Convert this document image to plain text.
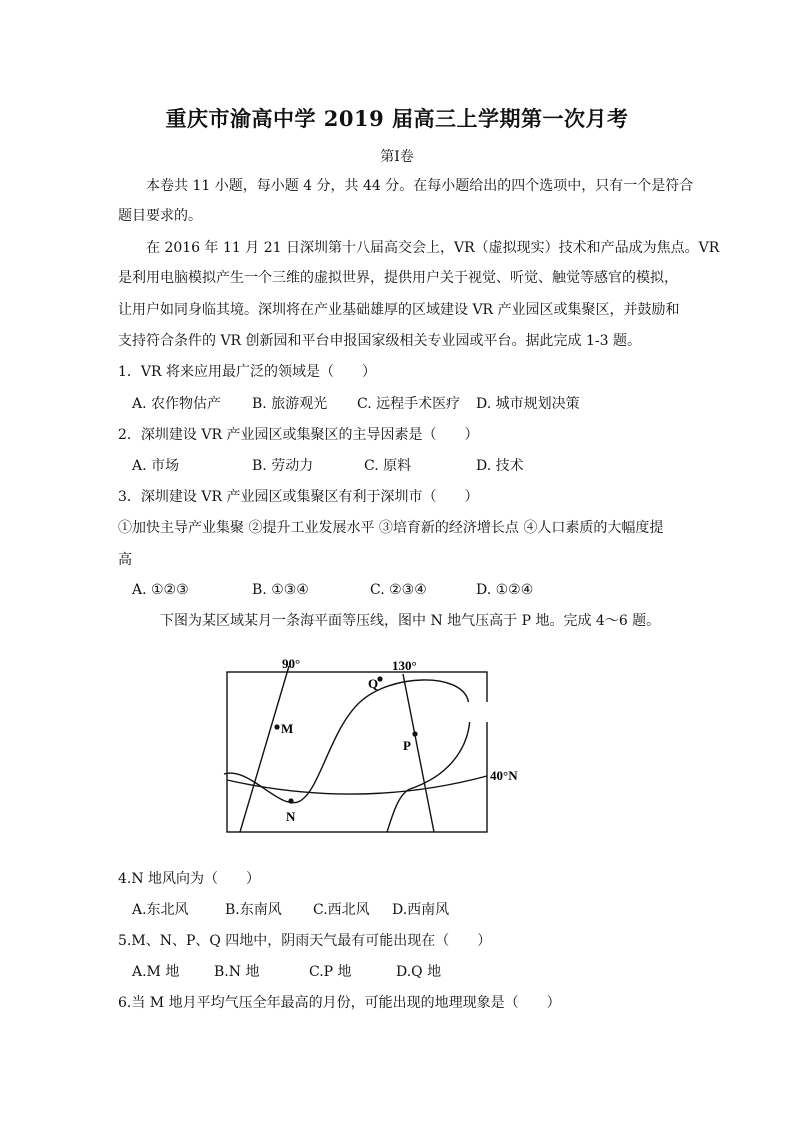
重庆市渝高中学 2019 届高三上学期第一次月考
第Ⅰ卷
本卷共 11 小题，每小题 4 分，共 44 分。在每小题给出的四个选项中，只有一个是符合
题目要求的。
在 2016 年 11 月 21 日深圳第十八届高交会上，VR（虚拟现实）技术和产品成为焦点。VR
是利用电脑模拟产生一个三维的虚拟世界，提供用户关于视觉、听觉、触觉等感官的模拟，
让用户如同身临其境。深圳将在产业基础雄厚的区域建设 VR 产业园区或集聚区，并鼓励和
支持符合条件的 VR 创新园和平台申报国家级相关专业园或平台。据此完成 1-3 题。
1．VR 将来应用最广泛的领域是（　　）
A. 农作物估产 B. 旅游观光 C. 远程手术医疗 D. 城市规划决策
2．深圳建设 VR 产业园区或集聚区的主导因素是（　　）
A. 市场	B. 劳动力	C. 原料	D. 技术
3．深圳建设 VR 产业园区或集聚区有利于深圳市（　　）
①加快主导产业集聚 ②提升工业发展水平 ③培育新的经济增长点 ④人口素质的大幅度提
高
A. ①②③	B. ①③④	C. ②③④	D. ①②④
下图为某区域某月一条海平面等压线，图中 N 地气压高于 P 地。完成 4～6 题。
90°	130°
40°N
M
N
P
Q
4.N 地风向为（　　）
A.东北风	B.东南风 C.西北风 D.西南风
5.M、N、P、Q 四地中，阴雨天气最有可能出现在（　　）
A.M 地 B.N 地	C.P 地	D.Q 地
6.当 M 地月平均气压全年最高的月份，可能出现的地理现象是（　　）
